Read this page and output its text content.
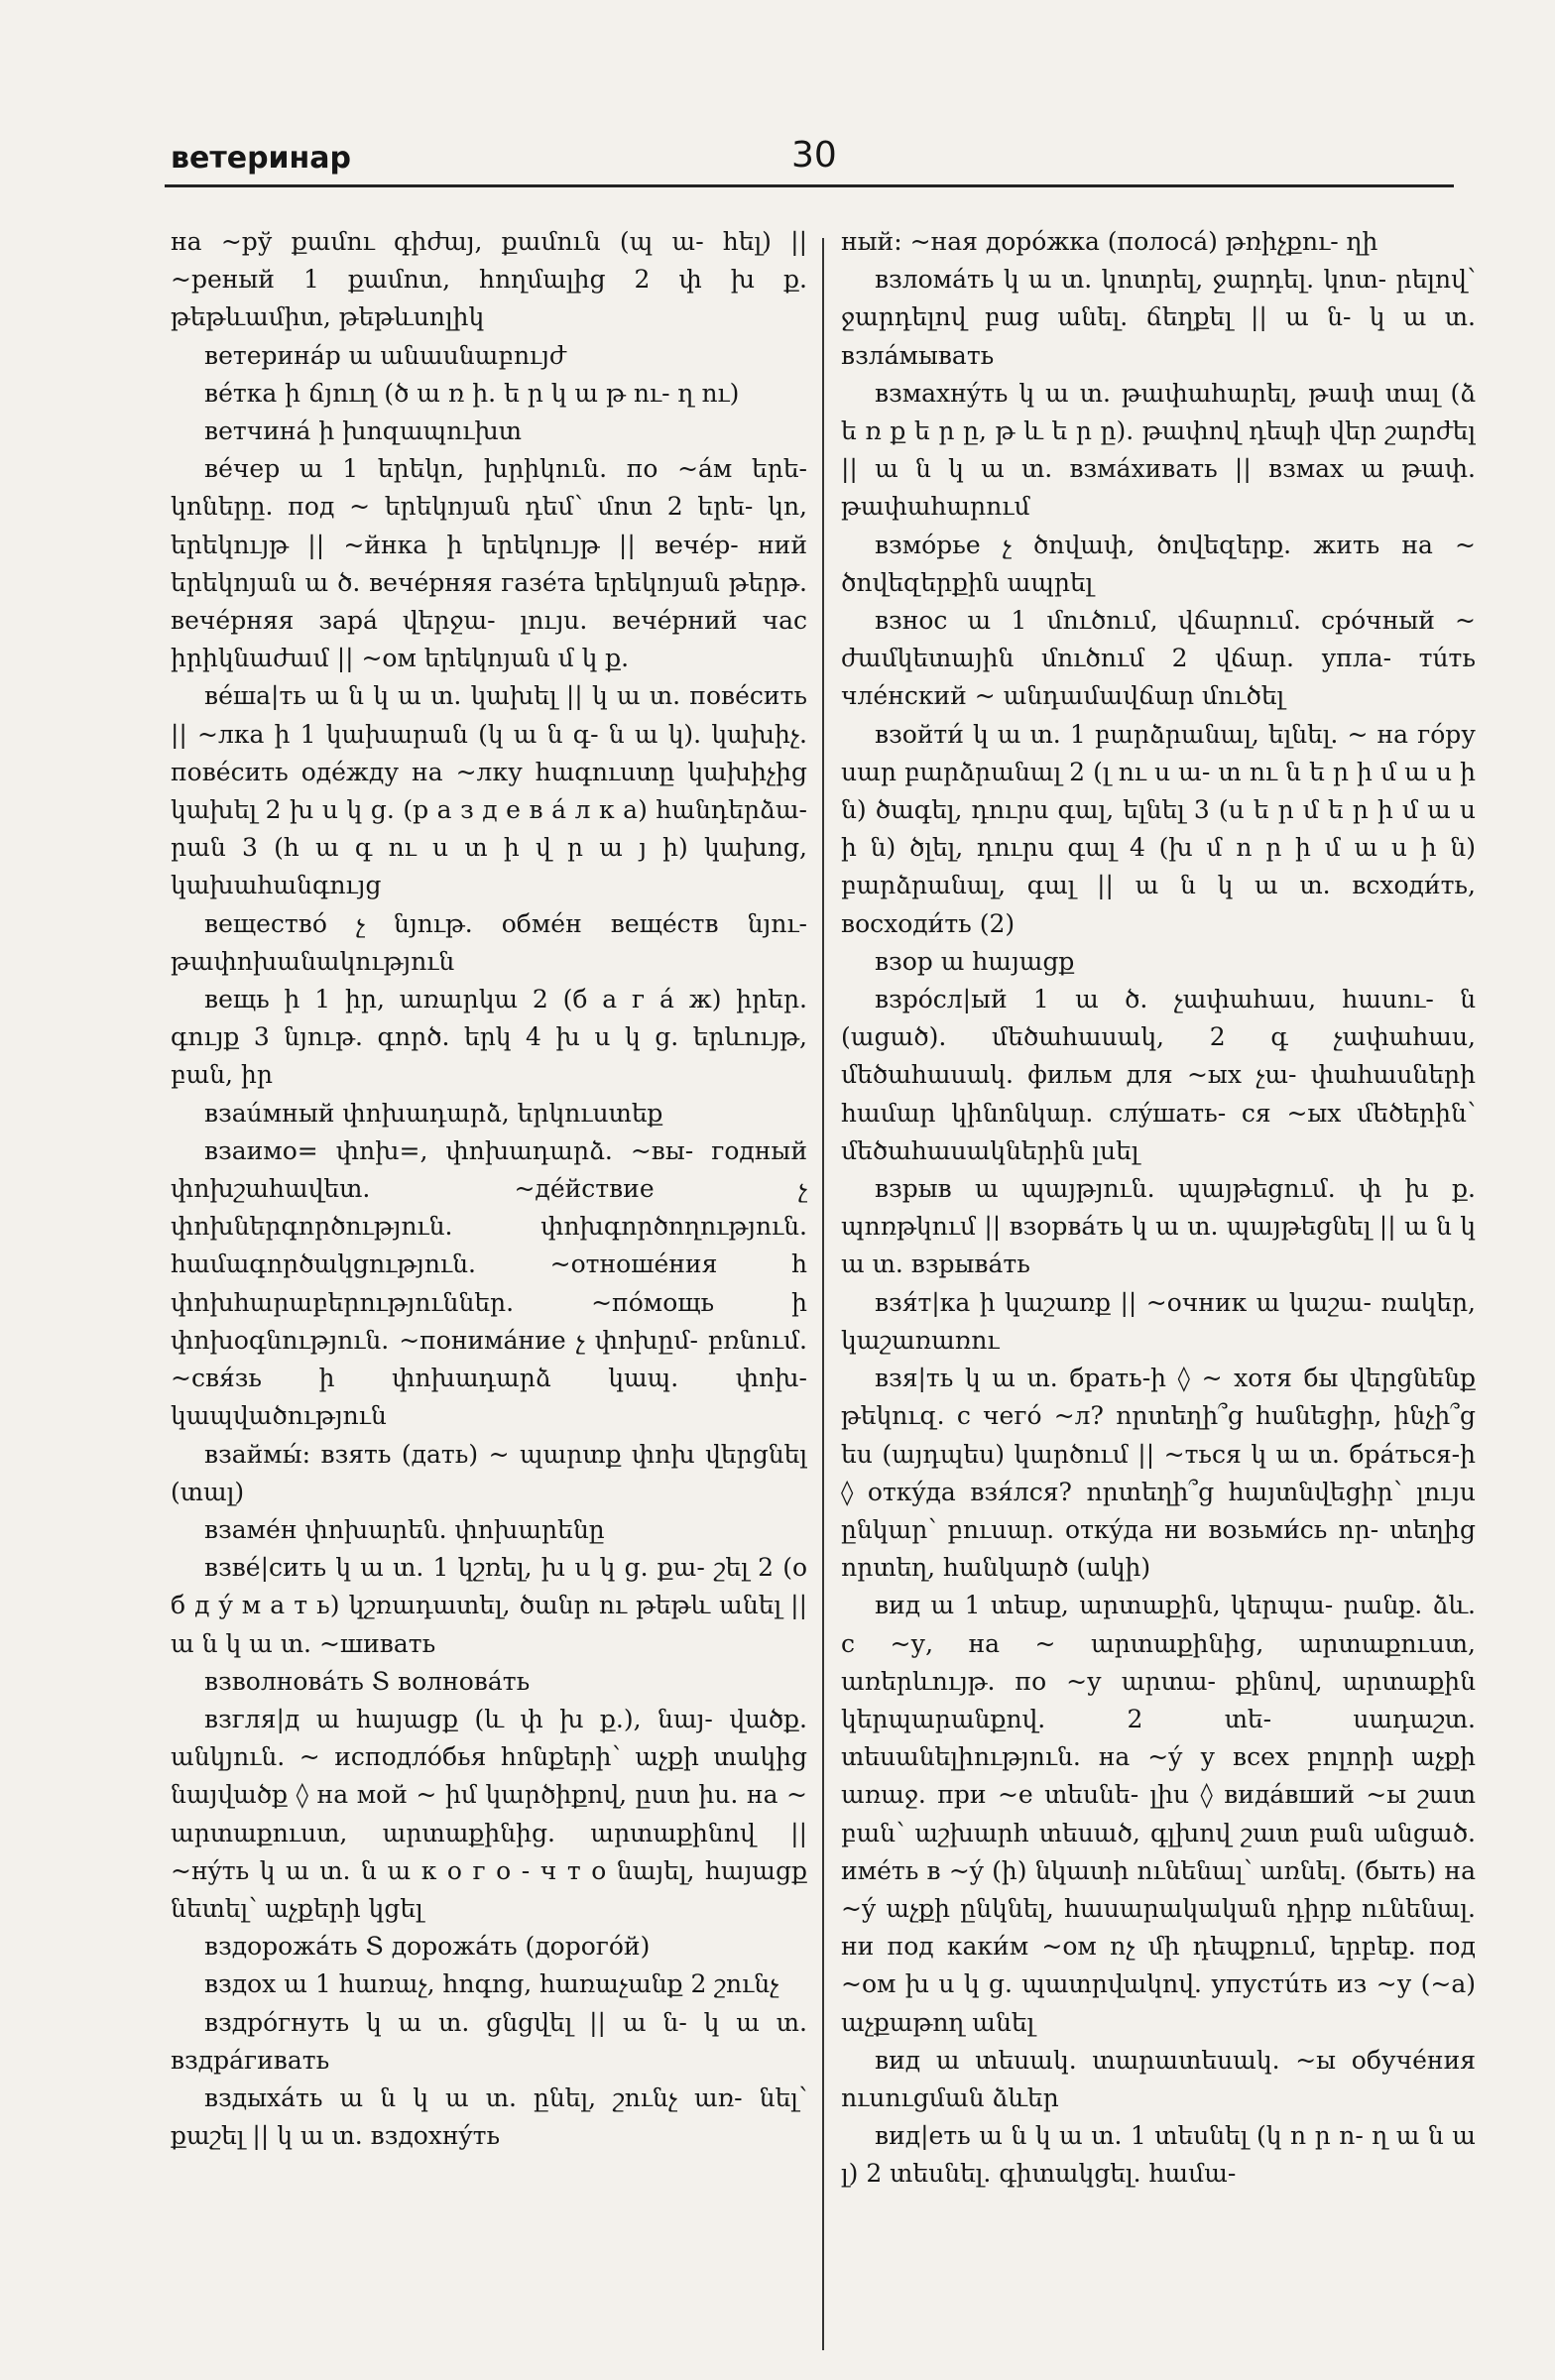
ветеринар	30

на ~рў քամու գիժայ, քամուն (պ ա- հել) || ~реный 1 քամոտ, հողմալից 2 փ խ ք. թեթևամիտ, թեթևսոլիկ

ветеринáр ա անասնաբույժ

вéтка ի ճյուղ (ծ ա ռ ի. ե ր կ ա թ ու- ղ ու)

ветчинá ի խոզապուխտ

вéчер ա 1 երեկո, խրիկուն. по ~áм երե- կոները. под ~ երեկոյան դեմ՝ մոտ 2 երե- կո, երեկույթ || ~йнка ի երեկույթ || вечéр- ний երեկոյան ա ծ. вечéрняя газéта երեկոյան թերթ. вечéрняя зарá վերջա- լույս. вечéрний час իրիկնաժամ || ~ом երեկոյան մ կ ք.

вéша|ть ա ն կ ա տ. կախել || կ ա տ. повéсить || ~лка ի 1 կախարան (կ ա ն գ- ն ա կ). կախիչ. повéсить одéжду на ~лку հագուստը կախիչից կախել 2 խ ս կ ց. (р а з д е в á л к а) հանդերձա- րան 3 (հ ա գ ու ս տ ի վ ր ա յ ի) կախոց, կախահանգույց

веществó չ նյութ. обмéн вещéств նյու- թափոխանակություն

вещь ի 1 իր, առարկա 2 (б а г á ж) իրեր. գույք 3 նյութ. գործ. երկ 4 խ ս կ ց. երևույթ, բան, իր

взаúмный փոխադարձ, երկուստեք

взаимо= փոխ=, փոխադարձ. ~вы- годный փոխշահավետ. ~дéйствие չ փոխներգործություն. փոխգործողություն. համագործակցություն. ~отношéния հ փոխհարաբերություններ. ~пóмощь ի փոխօգնություն. ~понимáние չ փոխըմ- բռնում. ~свя́зь ի փոխադարձ կապ. փոխ- կապվածություն

взаймы́: взять (дать) ~ պարտք փոխ վերցնել (տալ)

взамéн փոխարեն. փոխարենը

взвé|сить կ ա տ. 1 կշռել, խ ս կ ց. քա- շել 2 (о б д ý м а т ь) կշռադատել, ծանր ու թեթև անել || ա ն կ ա տ. ~шивать

взволновáть Տ волновáть

взгля|д ա հայացք (և փ խ ք.), նայ- վածք. անկյուն. ~ исподлóбья հոնքերի՝ աչքի տակից նայվածք ◊ на мой ~ իմ կարծիքով, ըստ իս. на ~ արտաքուստ, արտաքինից. արտաքինով || ~нýть կ ա տ. ն ա к о г о - ч т о նայել, հայացք նետել՝ աչքերի կցել

вздорожáть Տ дорожáть (дорогóй)

вздох ա 1 հառաչ, հոգոց, հառաչանք 2 շունչ

вздрóгнуть կ ա տ. ցնցվել || ա ն- կ ա տ. вздрáгивать

вздыхáть ա ն կ ա տ. ընել, շունչ առ- նել՝ քաշել || կ ա տ. вздохнýть

ный: ~ная дорóжка (полосá) թռիչքու- ղի

взломáть կ ա տ. կոտրել, ջարդել. կոտ- րելով՝ ջարդելով բաց անել. ճեղքել || ա ն- կ ա տ. взлáмывать

взмахнýть կ ա տ. թափահարել, թափ տալ (ձ ե ռ ք ե ր ը, թ և ե ր ը). թափով դեպի վեր շարժել || ա ն կ ա տ. взмáхивать || взмах ա թափ. թափահարում

взмóрье չ ծովափ, ծովեզերք. жить на ~ ծովեզերքին ապրել

взнос ա 1 մուծում, վճարում. срóчный ~ ժամկետային մուծում 2 վճար. упла- тúть члéнский ~ անդամավճար մուծել

взойти́ կ ա տ. 1 բարձրանալ, ելնել. ~ на гóру սար բարձրանալ 2 (լ ու ս ա- տ ու ն ե ր ի մ ա ս ի ն) ծագել, դուրս գալ, ելնել 3 (ս ե ր մ ե ր ի մ ա ս ի ն) ծլել, դուրս գալ 4 (խ մ ո ր ի մ ա ս ի ն) բարձրանալ, գալ || ա ն կ ա տ. всходи́ть, восходи́ть (2)

взор ա հայացք

взрóсл|ый 1 ա ծ. չափահաս, հասու- ն (ացած). մեծահասակ, 2 գ չափահաս, մեծահասակ. фильм для ~ых չա- փահասների համար կինոնկար. слýшать- ся ~ых մեծերին՝ մեծահասակներին լսել

взрыв ա պայթյուն. պայթեցում. փ խ ք. պոռթկում || взорвáть կ ա տ. պայթեցնել || ա ն կ ա տ. взрывáть

взя́т|ка ի կաշառք || ~очник ա կաշա- ռակեր, կաշառառու

взя|ть կ ա տ. брать-ի ◊ ~ хотя бы վերցնենք թեկուզ. с чегó ~л? որտեղի՞ց հանեցիր, ինչի՞ց ես (այդպես) կարծում || ~ться կ ա տ. брáться-ի ◊ откýда взя́лся? որտեղի՞ց հայտնվեցիր՝ լույս ընկար՝ բուսար. откýда ни возьми́сь որ- տեղից որտեղ, հանկարծ (ակի)

вид ա 1 տեսք, արտաքին, կերպա- րանք. ձև. с ~у, на ~ արտաքինից, արտաքուստ, առերևույթ. по ~у արտա- քինով, արտաքին կերպարանքով. 2 տե- սադաշտ. տեսանելիություն. на ~ý у всех բոլորի աչքի առաջ. при ~е տեսնե- լիս ◊ видáвший ~ы շատ բան՝ աշխարհ տեսած, գլխով շատ բան անցած. имéть в ~ý (ի) նկատի ունենալ՝ առնել. (быть) на ~ý աչքի ընկնել, հասարակական դիրք ունենալ. ни под каки́м ~ом ոչ մի դեպքում, երբեք. под ~ом խ ս կ ց. պատրվակով. упустúть из ~у (~а) աչքաթող անել

вид ա տեսակ. տարատեսակ. ~ы обучéния ուսուցման ձևեր

вид|еть ա ն կ ա տ. 1 տեսնել (կ ո ր ո- ղ ա ն ա լ) 2 տեսնել. գիտակցել. համա-
